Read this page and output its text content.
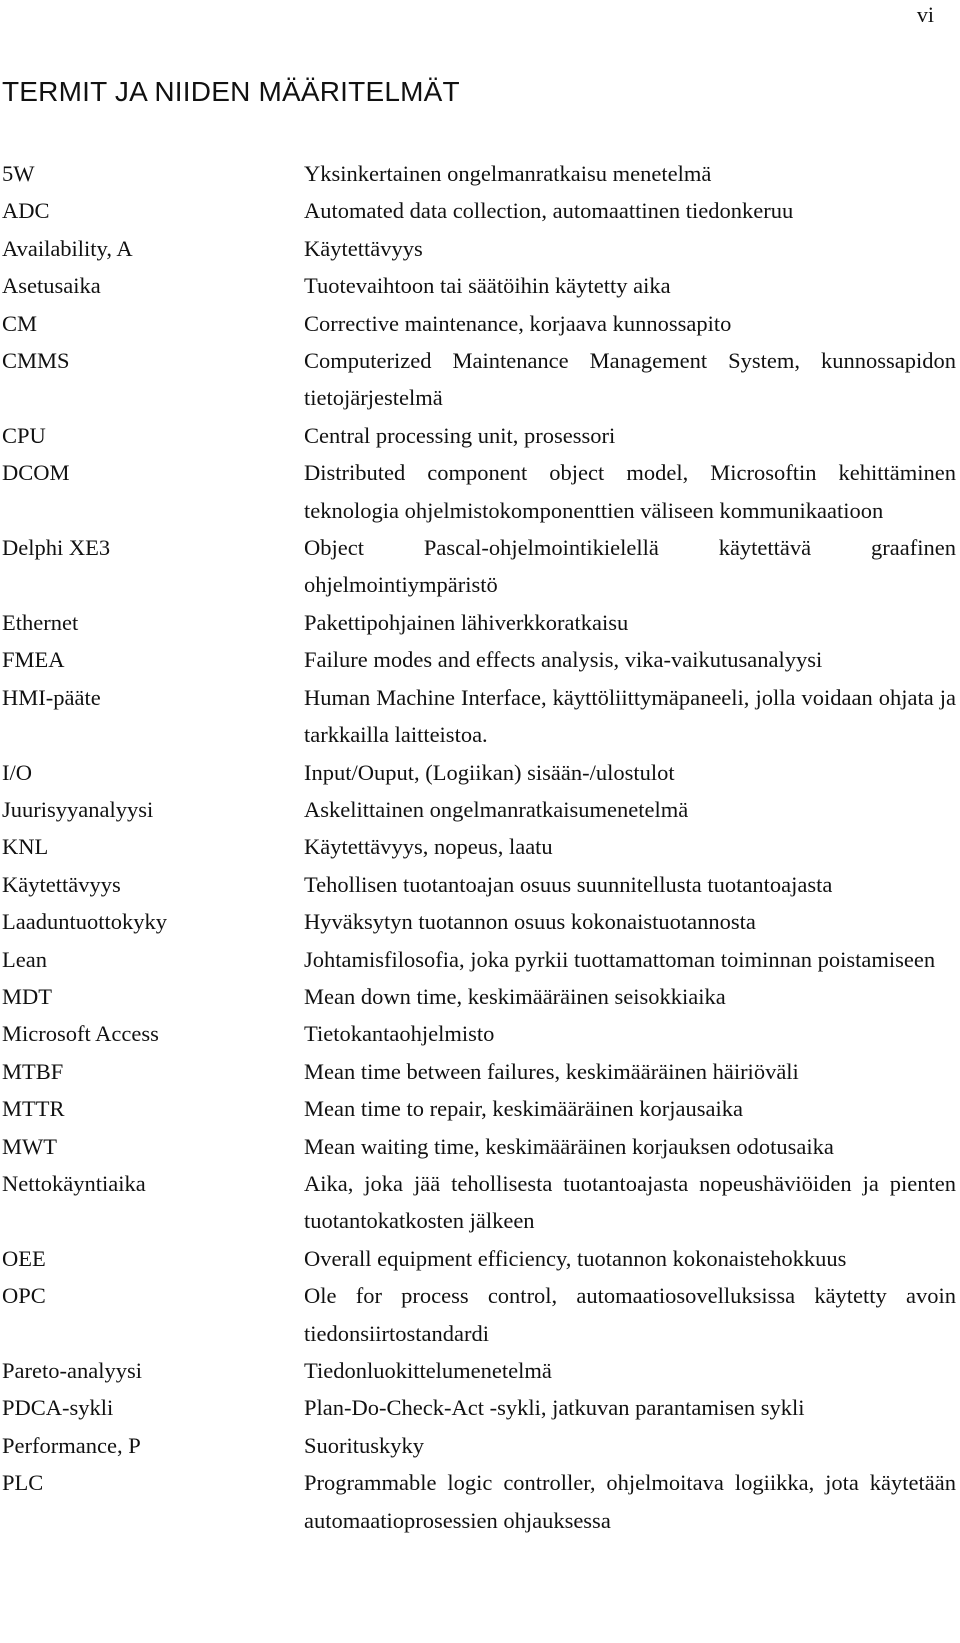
vi
TERMIT JA NIIDEN MÄÄRITELMÄT
5W	Yksinkertainen ongelmanratkaisu menetelmä
ADC	Automated data collection, automaattinen tiedonkeruu
Availability, A	Käytettävyys
Asetusaika	Tuotevaihtoon tai säätöihin käytetty aika
CM	Corrective maintenance, korjaava kunnossapito
CMMS	Computerized Maintenance Management System, kunnossapidon tietojärjestelmä
CPU	Central processing unit, prosessori
DCOM	Distributed component object model, Microsoftin kehittäminen teknologia ohjelmistokomponenttien väliseen kommunikaatioon
Delphi XE3	Object Pascal-ohjelmointikielellä käytettävä graafinen ohjelmointiympäristö
Ethernet	Pakettipohjainen lähiverkkoratkaisu
FMEA	Failure modes and effects analysis, vika-vaikutusanalyysi
HMI-pääte	Human Machine Interface, käyttöliittymäpaneeli, jolla voidaan ohjata ja tarkkailla laitteistoa.
I/O	Input/Ouput, (Logiikan) sisään-/ulostulot
Juurisyyanalyysi	Askelittainen ongelmanratkaisumenetelmä
KNL	Käytettävyys, nopeus, laatu
Käytettävyys	Tehollisen tuotantoajan osuus suunnitellusta tuotantoajasta
Laaduntuottokyky	Hyväksytyn tuotannon osuus kokonaistuotannosta
Lean	Johtamisfilosofia, joka pyrkii tuottamattoman toiminnan poistamiseen
MDT	Mean down time, keskimääräinen seisokkiaika
Microsoft Access	Tietokantaohjelmisto
MTBF	Mean time between failures, keskimääräinen häiriöväli
MTTR	Mean time to repair, keskimääräinen korjausaika
MWT	Mean waiting time, keskimääräinen korjauksen odotusaika
Nettokäyntiaika	Aika, joka jää tehollisesta tuotantoajasta nopeushäviöiden ja pienten tuotantokatkosten jälkeen
OEE	Overall equipment efficiency, tuotannon kokonaistehokkuus
OPC	Ole for process control, automaatiosovelluksissa käytetty avoin tiedonsiirtostandardi
Pareto-analyysi	Tiedonluokittelumenetelmä
PDCA-sykli	Plan-Do-Check-Act -sykli, jatkuvan parantamisen sykli
Performance, P	Suorituskyky
PLC	Programmable logic controller, ohjelmoitava logiikka, jota käytetään automaatioprosessien ohjauksessa
